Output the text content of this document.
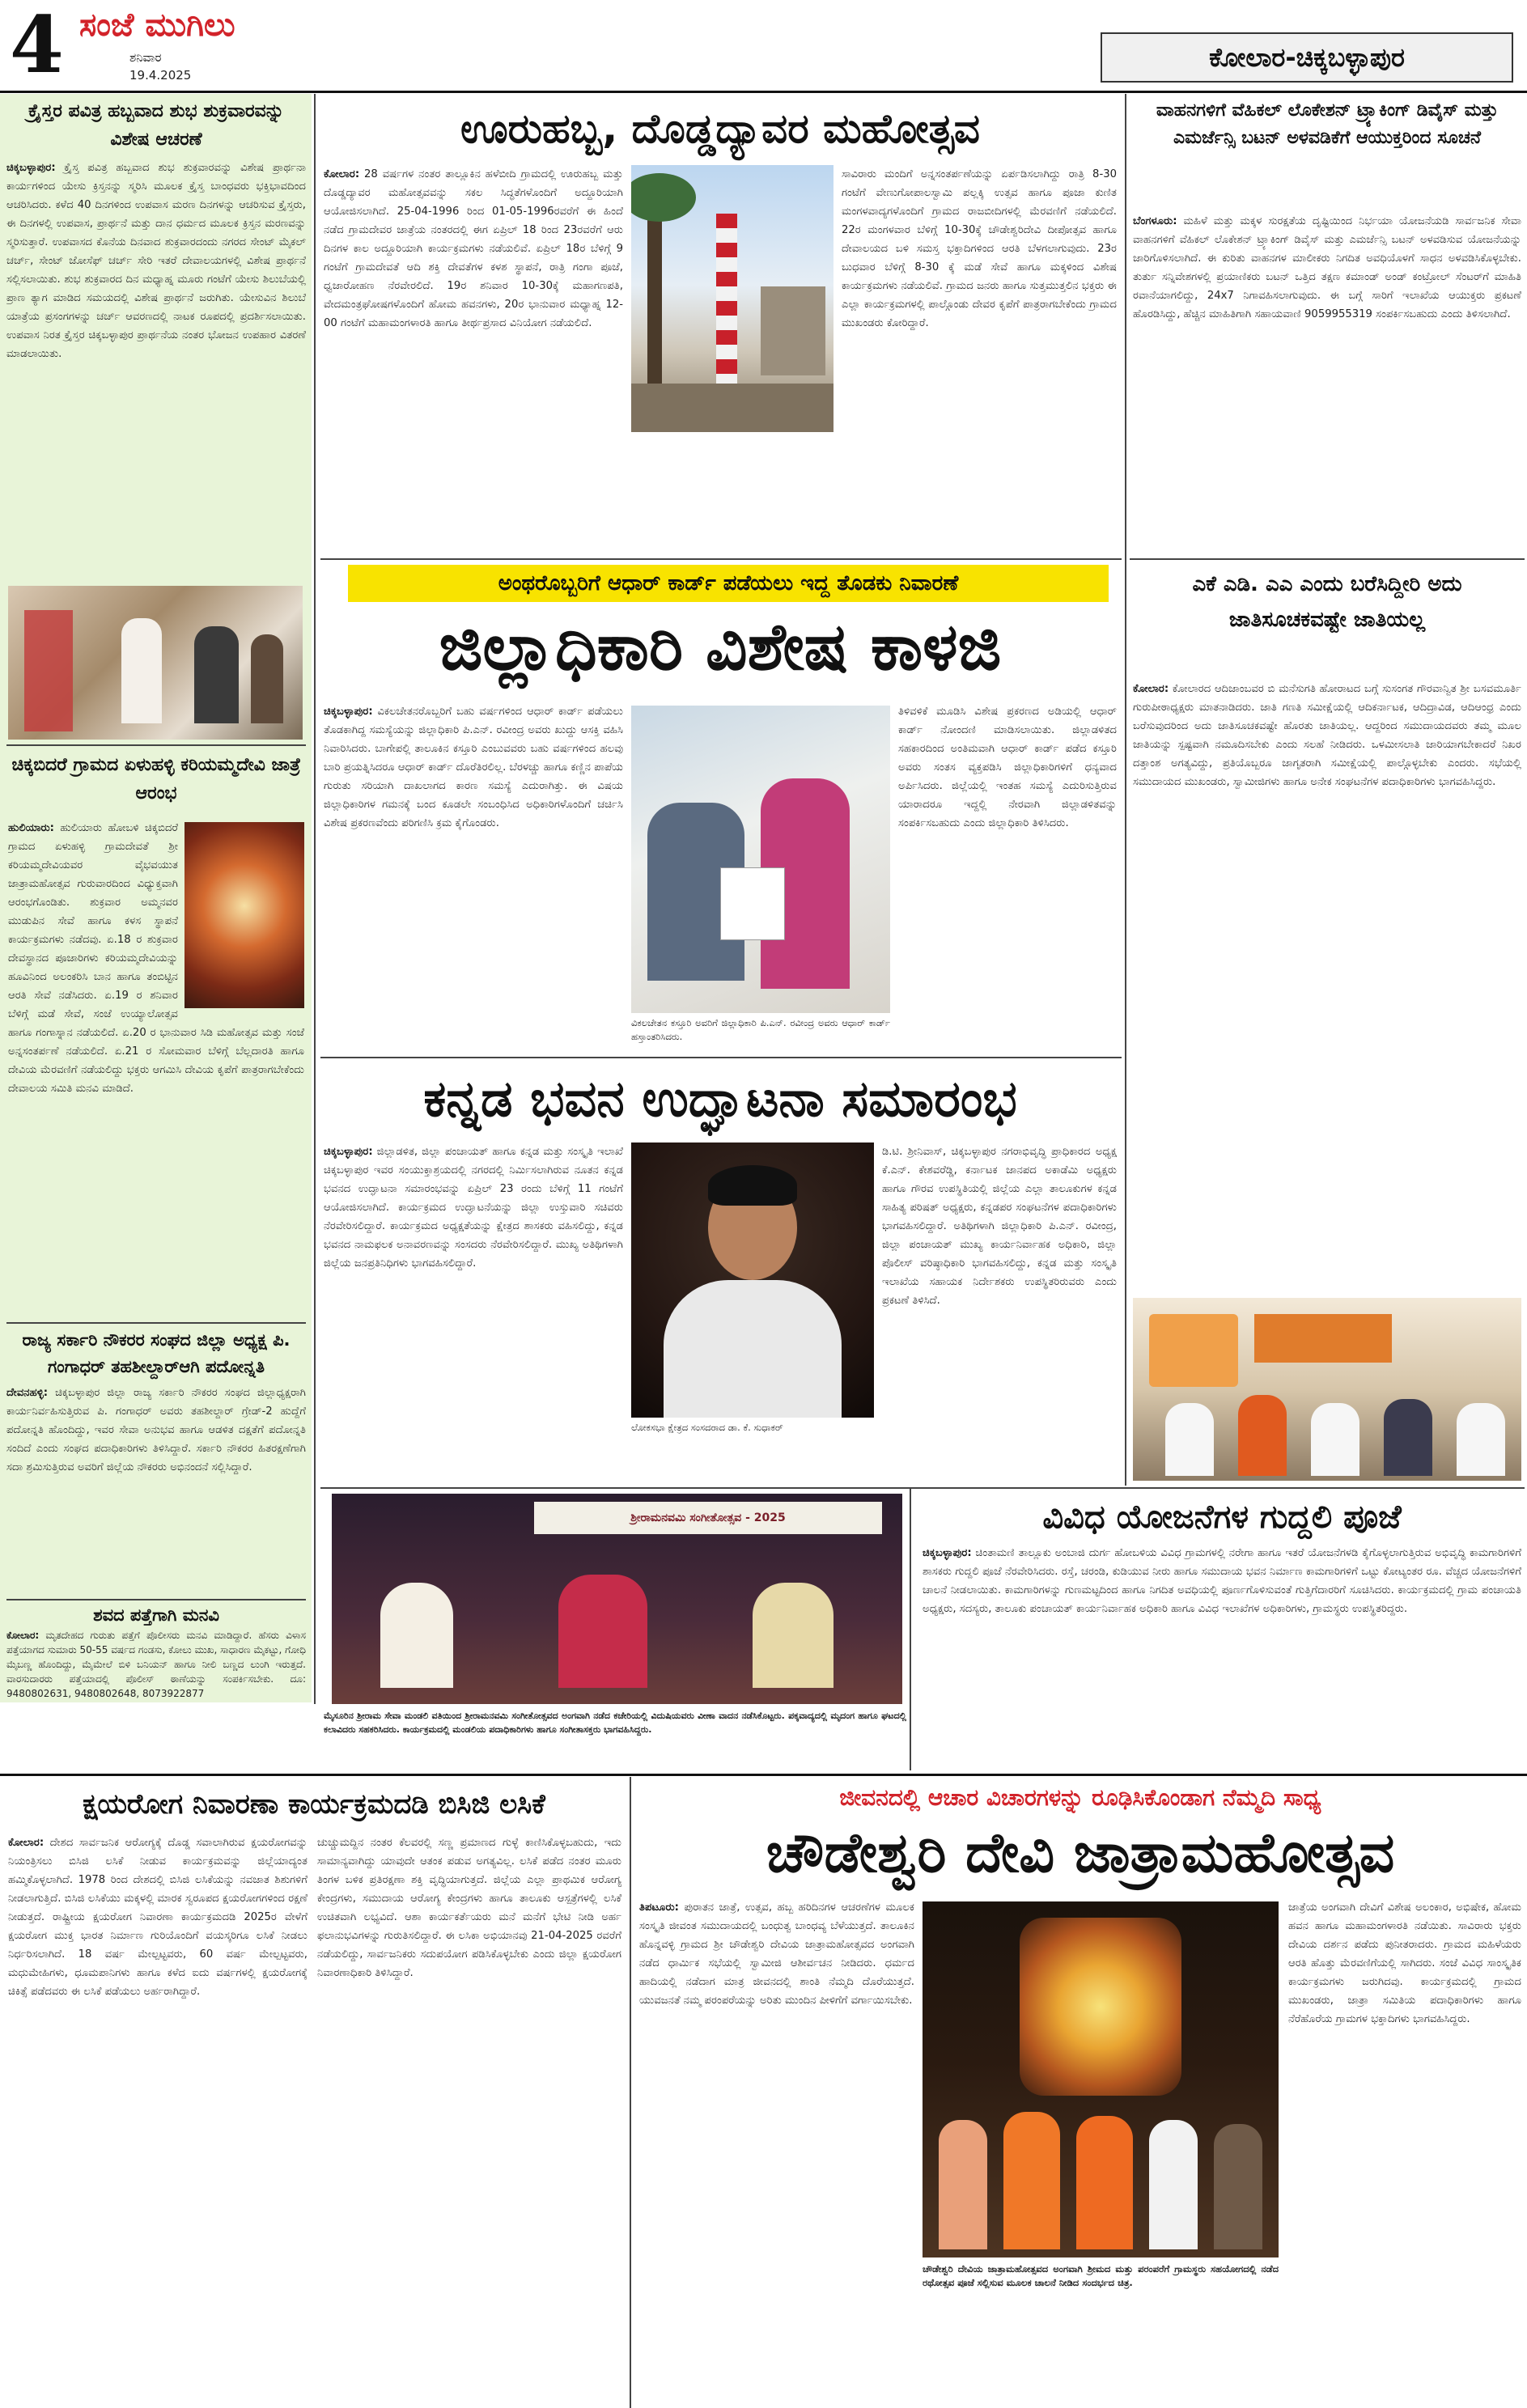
4 ಸಂಜೆ ಮುಗಿಲು
ಶನಿವಾರ
19.4.2025
ಕೋಲಾರ-ಚಿಕ್ಕಬಳ್ಳಾಪುರ
ಕ್ರೈಸ್ತರ ಪವಿತ್ರ ಹಬ್ಬವಾದ ಶುಭ ಶುಕ್ರವಾರವನ್ನು ವಿಶೇಷ ಆಚರಣೆ
ಚಿಕ್ಕಬಳ್ಳಾಪುರ: ಕ್ರೈಸ್ತ ಪವಿತ್ರ ಹಬ್ಬವಾದ ಶುಭ ಶುಕ್ರವಾರವನ್ನು ವಿಶೇಷ ಪ್ರಾರ್ಥನಾ ಕಾರ್ಯಗಳಿಂದ ಯೇಸು ಕ್ರಿಸ್ತನನ್ನು ಸ್ಮರಿಸಿ ಮೂಲಕ ಕ್ರೈಸ್ತ ಬಾಂಧವರು ಭಕ್ತಿಭಾವದಿಂದ ಆಚರಿಸಿದರು. ಕಳೆದ 40 ದಿನಗಳಿಂದ ಉಪವಾಸ ಮರಣ ದಿನಗಳನ್ನು ಆಚರಿಸುವ ಕ್ರೈಸ್ತರು, ಈ ದಿನಗಳಲ್ಲಿ ಉಪವಾಸ, ಪ್ರಾರ್ಥನೆ ಮತ್ತು ದಾನ ಧರ್ಮದ ಮೂಲಕ ಕ್ರಿಸ್ತನ ಮರಣವನ್ನು ಸ್ಮರಿಸುತ್ತಾರೆ. ಉಪವಾಸದ ಕೊನೆಯ ದಿನವಾದ ಶುಕ್ರವಾರದಂದು ನಗರದ ಸೇಂಟ್ ಮೈಕಲ್ ಚರ್ಚ್, ಸೇಂಟ್ ಜೋಸೆಫ್ ಚರ್ಚ್ ಸೇರಿ ಇತರೆ ದೇವಾಲಯಗಳಲ್ಲಿ ವಿಶೇಷ ಪ್ರಾರ್ಥನೆ ಸಲ್ಲಿಸಲಾಯಿತು. ಶುಭ ಶುಕ್ರವಾರದ ದಿನ ಮಧ್ಯಾಹ್ನ ಮೂರು ಗಂಟೆಗೆ ಯೇಸು ಶಿಲುಬೆಯಲ್ಲಿ ಪ್ರಾಣ ತ್ಯಾಗ ಮಾಡಿದ ಸಮಯದಲ್ಲಿ ವಿಶೇಷ ಪ್ರಾರ್ಥನೆ ಜರುಗಿತು. ಯೇಸುವಿನ ಶಿಲುಬೆ ಯಾತ್ರೆಯ ಪ್ರಸಂಗಗಳನ್ನು ಚರ್ಚ್ ಆವರಣದಲ್ಲಿ ನಾಟಕ ರೂಪದಲ್ಲಿ ಪ್ರದರ್ಶಿಸಲಾಯಿತು. ಉಪವಾಸ ನಿರತ ಕ್ರೈಸ್ತರ ಚಿಕ್ಕಬಳ್ಳಾಪುರ ಪ್ರಾರ್ಥನೆಯ ನಂತರ ಭೋಜನ ಉಪಹಾರ ವಿತರಣೆ ಮಾಡಲಾಯಿತು.
ಚಿಕ್ಕಬಿದರೆ ಗ್ರಾಮದ ಏಳುಹಳ್ಳಿ ಕರಿಯಮ್ಮದೇವಿ ಜಾತ್ರೆ ಆರಂಭ
ಹುಲಿಯಾರು: ಹುಲಿಯಾರು ಹೋಬಳಿ ಚಿಕ್ಕಬಿದರೆ ಗ್ರಾಮದ ಏಳುಹಳ್ಳಿ ಗ್ರಾಮದೇವತೆ ಶ್ರೀ ಕರಿಯಮ್ಮದೇವಿಯವರ ವೈಭವಯುತ ಜಾತ್ರಾಮಹೋತ್ಸವ ಗುರುವಾರದಿಂದ ವಿಧ್ಯುಕ್ತವಾಗಿ ಆರಂಭಗೊಂಡಿತು. ಶುಕ್ರವಾರ ಅಮ್ಮನವರ ಮುಡುಪಿನ ಸೇವೆ ಹಾಗೂ ಕಳಸ ಸ್ಥಾಪನೆ ಕಾರ್ಯಕ್ರಮಗಳು ನಡೆದವು. ಏ.18 ರ ಶುಕ್ರವಾರ ದೇವಸ್ಥಾನದ ಪೂಜಾರಿಗಳು ಕರಿಯಮ್ಮದೇವಿಯನ್ನು ಹೂವಿನಿಂದ ಅಲಂಕರಿಸಿ ಬಾನ ಹಾಗೂ ತಂಬಿಟ್ಟಿನ ಆರತಿ ಸೇವೆ ನಡೆಸಿದರು. ಏ.19 ರ ಶನಿವಾರ ಬೆಳಿಗ್ಗೆ ಮಡೆ ಸೇವೆ, ಸಂಜೆ ಉಯ್ಯಾಲೋತ್ಸವ ಹಾಗೂ ಗಂಗಾಸ್ನಾನ ನಡೆಯಲಿದೆ. ಏ.20 ರ ಭಾನುವಾರ ಸಿಡಿ ಮಹೋತ್ಸವ ಮತ್ತು ಸಂಜೆ ಅನ್ನಸಂತರ್ಪಣೆ ನಡೆಯಲಿದೆ. ಏ.21 ರ ಸೋಮವಾರ ಬೆಳಿಗ್ಗೆ ಬೆಲ್ಲದಾರತಿ ಹಾಗೂ ದೇವಿಯ ಮೆರವಣಿಗೆ ನಡೆಯಲಿದ್ದು ಭಕ್ತರು ಆಗಮಿಸಿ ದೇವಿಯ ಕೃಪೆಗೆ ಪಾತ್ರರಾಗಬೇಕೆಂದು ದೇವಾಲಯ ಸಮಿತಿ ಮನವಿ ಮಾಡಿದೆ.
ರಾಜ್ಯ ಸರ್ಕಾರಿ ನೌಕರರ ಸಂಘದ ಜಿಲ್ಲಾ ಅಧ್ಯಕ್ಷ ಪಿ. ಗಂಗಾಧರ್ ತಹಶೀಲ್ದಾರ್‌ಆಗಿ ಪದೋನ್ನತಿ
ದೇವನಹಳ್ಳಿ: ಚಿಕ್ಕಬಳ್ಳಾಪುರ ಜಿಲ್ಲಾ ರಾಜ್ಯ ಸರ್ಕಾರಿ ನೌಕರರ ಸಂಘದ ಜಿಲ್ಲಾಧ್ಯಕ್ಷರಾಗಿ ಕಾರ್ಯನಿರ್ವಹಿಸುತ್ತಿರುವ ಪಿ. ಗಂಗಾಧರ್ ಅವರು ತಹಶೀಲ್ದಾರ್ ಗ್ರೇಡ್-2 ಹುದ್ದೆಗೆ ಪದೋನ್ನತಿ ಹೊಂದಿದ್ದು, ಇವರ ಸೇವಾ ಅನುಭವ ಹಾಗೂ ಆಡಳಿತ ದಕ್ಷತೆಗೆ ಪದೋನ್ನತಿ ಸಂದಿದೆ ಎಂದು ಸಂಘದ ಪದಾಧಿಕಾರಿಗಳು ತಿಳಿಸಿದ್ದಾರೆ. ಸರ್ಕಾರಿ ನೌಕರರ ಹಿತರಕ್ಷಣೆಗಾಗಿ ಸದಾ ಶ್ರಮಿಸುತ್ತಿರುವ ಅವರಿಗೆ ಜಿಲ್ಲೆಯ ನೌಕರರು ಅಭಿನಂದನೆ ಸಲ್ಲಿಸಿದ್ದಾರೆ.
ಶವದ ಪತ್ತೆಗಾಗಿ ಮನವಿ
ಕೋಲಾರ: ಮೃತದೇಹದ ಗುರುತು ಪತ್ತೆಗೆ ಪೊಲೀಸರು ಮನವಿ ಮಾಡಿದ್ದಾರೆ. ಹೆಸರು ವಿಳಾಸ ಪತ್ತೆಯಾಗದ ಸುಮಾರು 50-55 ವರ್ಷದ ಗಂಡಸು, ಕೋಲು ಮುಖ, ಸಾಧಾರಣ ಮೈಕಟ್ಟು, ಗೋಧಿ ಮೈಬಣ್ಣ ಹೊಂದಿದ್ದು, ಮೈಮೇಲೆ ಬಿಳಿ ಬನಿಯನ್ ಹಾಗೂ ನೀಲಿ ಬಣ್ಣದ ಲುಂಗಿ ಇರುತ್ತದೆ. ವಾರಸುದಾರರು ಪತ್ತೆಯಾದಲ್ಲಿ ಪೊಲೀಸ್ ಠಾಣೆಯನ್ನು ಸಂಪರ್ಕಿಸಬೇಕು. ದೂ: 9480802631, 9480802648, 8073922877
ಊರುಹಬ್ಬ, ದೊಡ್ಡದ್ಯಾವರ ಮಹೋತ್ಸವ
ಕೋಲಾರ: 28 ವರ್ಷಗಳ ನಂತರ ತಾಲ್ಲೂಕಿನ ಹಳೆಬೀದಿ ಗ್ರಾಮದಲ್ಲಿ ಊರುಹಬ್ಬ ಮತ್ತು ದೊಡ್ಡದ್ಯಾವರ ಮಹೋತ್ಸವವನ್ನು ಸಕಲ ಸಿದ್ಧತೆಗಳೊಂದಿಗೆ ಅದ್ದೂರಿಯಾಗಿ ಆಯೋಜಿಸಲಾಗಿದೆ. 25-04-1996 ರಿಂದ 01-05-1996ರವರೆಗೆ ಈ ಹಿಂದೆ ನಡೆದ ಗ್ರಾಮದೇವರ ಜಾತ್ರೆಯ ನಂತರದಲ್ಲಿ ಈಗ ಏಪ್ರಿಲ್ 18 ರಿಂದ 23ರವರೆಗೆ ಆರು ದಿನಗಳ ಕಾಲ ಅದ್ದೂರಿಯಾಗಿ ಕಾರ್ಯಕ್ರಮಗಳು ನಡೆಯಲಿವೆ. ಏಪ್ರಿಲ್ 18ರ ಬೆಳಿಗ್ಗೆ 9 ಗಂಟೆಗೆ ಗ್ರಾಮದೇವತೆ ಆದಿ ಶಕ್ತಿ ದೇವತೆಗಳ ಕಳಶ ಸ್ಥಾಪನೆ, ರಾತ್ರಿ ಗಂಗಾ ಪೂಜೆ, ಧ್ವಜಾರೋಹಣ ನೆರವೇರಲಿದೆ. 19ರ ಶನಿವಾರ 10-30ಕ್ಕೆ ಮಹಾಗಣಪತಿ, ವೇದಮಂತ್ರಘೋಷಗಳೊಂದಿಗೆ ಹೋಮ ಹವನಗಳು, 20ರ ಭಾನುವಾರ ಮಧ್ಯಾಹ್ನ 12-00 ಗಂಟೆಗೆ ಮಹಾಮಂಗಳಾರತಿ ಹಾಗೂ ತೀರ್ಥಪ್ರಸಾದ ವಿನಿಯೋಗ ನಡೆಯಲಿದೆ.
ಸಾವಿರಾರು ಮಂದಿಗೆ ಅನ್ನಸಂತರ್ಪಣೆಯನ್ನು ಏರ್ಪಡಿಸಲಾಗಿದ್ದು ರಾತ್ರಿ 8-30 ಗಂಟೆಗೆ ವೇಣುಗೋಪಾಲಸ್ವಾಮಿ ಪಲ್ಲಕ್ಕಿ ಉತ್ಸವ ಹಾಗೂ ಪೂಜಾ ಕುಣಿತ ಮಂಗಳವಾದ್ಯಗಳೊಂದಿಗೆ ಗ್ರಾಮದ ರಾಜಬೀದಿಗಳಲ್ಲಿ ಮೆರವಣಿಗೆ ನಡೆಯಲಿದೆ. 22ರ ಮಂಗಳವಾರ ಬೆಳಿಗ್ಗೆ 10-30ಕ್ಕೆ ಚೌಡೇಶ್ವರಿದೇವಿ ದೀಪೋತ್ಸವ ಹಾಗೂ ದೇವಾಲಯದ ಬಳಿ ಸಮಸ್ತ ಭಕ್ತಾದಿಗಳಿಂದ ಆರತಿ ಬೆಳಗಲಾಗುವುದು. 23ರ ಬುಧವಾರ ಬೆಳಿಗ್ಗೆ 8-30 ಕ್ಕೆ ಮಡೆ ಸೇವೆ ಹಾಗೂ ಮಕ್ಕಳಿಂದ ವಿಶೇಷ ಕಾರ್ಯಕ್ರಮಗಳು ನಡೆಯಲಿವೆ. ಗ್ರಾಮದ ಜನರು ಹಾಗೂ ಸುತ್ತಮುತ್ತಲಿನ ಭಕ್ತರು ಈ ಎಲ್ಲಾ ಕಾರ್ಯಕ್ರಮಗಳಲ್ಲಿ ಪಾಲ್ಗೊಂಡು ದೇವರ ಕೃಪೆಗೆ ಪಾತ್ರರಾಗಬೇಕೆಂದು ಗ್ರಾಮದ ಮುಖಂಡರು ಕೋರಿದ್ದಾರೆ.
ಅಂಥರೊಬ್ಬರಿಗೆ ಆಧಾರ್ ಕಾರ್ಡ್ ಪಡೆಯಲು ಇದ್ದ ತೊಡಕು ನಿವಾರಣೆ
ಜಿಲ್ಲಾಧಿಕಾರಿ ವಿಶೇಷ ಕಾಳಜಿ
ಚಿಕ್ಕಬಳ್ಳಾಪುರ: ವಿಕಲಚೇತನರೊಬ್ಬರಿಗೆ ಬಹು ವರ್ಷಗಳಿಂದ ಆಧಾರ್ ಕಾರ್ಡ್ ಪಡೆಯಲು ತೊಡಕಾಗಿದ್ದ ಸಮಸ್ಯೆಯನ್ನು ಜಿಲ್ಲಾಧಿಕಾರಿ ಪಿ.ಎನ್. ರವೀಂದ್ರ ಅವರು ಖುದ್ದು ಆಸಕ್ತಿ ವಹಿಸಿ ನಿವಾರಿಸಿದರು. ಬಾಗೇಪಲ್ಲಿ ತಾಲೂಕಿನ ಕಸ್ತೂರಿ ಎಂಬುವವರು ಬಹು ವರ್ಷಗಳಿಂದ ಹಲವು ಬಾರಿ ಪ್ರಯತ್ನಿಸಿದರೂ ಆಧಾರ್ ಕಾರ್ಡ್ ದೊರೆತಿರಲಿಲ್ಲ. ಬೆರಳಚ್ಚು ಹಾಗೂ ಕಣ್ಣಿನ ಪಾಪೆಯ ಗುರುತು ಸರಿಯಾಗಿ ದಾಖಲಾಗದ ಕಾರಣ ಸಮಸ್ಯೆ ಎದುರಾಗಿತ್ತು. ಈ ವಿಷಯ ಜಿಲ್ಲಾಧಿಕಾರಿಗಳ ಗಮನಕ್ಕೆ ಬಂದ ಕೂಡಲೇ ಸಂಬಂಧಿಸಿದ ಅಧಿಕಾರಿಗಳೊಂದಿಗೆ ಚರ್ಚಿಸಿ ವಿಶೇಷ ಪ್ರಕರಣವೆಂದು ಪರಿಗಣಿಸಿ ಕ್ರಮ ಕೈಗೊಂಡರು.
ವಿಕಲಚೇತನ ಕಸ್ತೂರಿ ಅವರಿಗೆ ಜಿಲ್ಲಾಧಿಕಾರಿ ಪಿ.ಎನ್. ರವೀಂದ್ರ ಅವರು ಆಧಾರ್ ಕಾರ್ಡ್ ಹಸ್ತಾಂತರಿಸಿದರು.
ತಿಳಿವಳಿಕೆ ಮೂಡಿಸಿ ವಿಶೇಷ ಪ್ರಕರಣದ ಅಡಿಯಲ್ಲಿ ಆಧಾರ್ ಕಾರ್ಡ್ ನೋಂದಣಿ ಮಾಡಿಸಲಾಯಿತು. ಜಿಲ್ಲಾಡಳಿತದ ಸಹಕಾರದಿಂದ ಅಂತಿಮವಾಗಿ ಆಧಾರ್ ಕಾರ್ಡ್ ಪಡೆದ ಕಸ್ತೂರಿ ಅವರು ಸಂತಸ ವ್ಯಕ್ತಪಡಿಸಿ ಜಿಲ್ಲಾಧಿಕಾರಿಗಳಿಗೆ ಧನ್ಯವಾದ ಅರ್ಪಿಸಿದರು. ಜಿಲ್ಲೆಯಲ್ಲಿ ಇಂತಹ ಸಮಸ್ಯೆ ಎದುರಿಸುತ್ತಿರುವ ಯಾರಾದರೂ ಇದ್ದಲ್ಲಿ ನೇರವಾಗಿ ಜಿಲ್ಲಾಡಳಿತವನ್ನು ಸಂಪರ್ಕಿಸಬಹುದು ಎಂದು ಜಿಲ್ಲಾಧಿಕಾರಿ ತಿಳಿಸಿದರು.
ಕನ್ನಡ ಭವನ ಉದ್ಘಾಟನಾ ಸಮಾರಂಭ
ಚಿಕ್ಕಬಳ್ಳಾಪುರ: ಜಿಲ್ಲಾಡಳಿತ, ಜಿಲ್ಲಾ ಪಂಚಾಯತ್ ಹಾಗೂ ಕನ್ನಡ ಮತ್ತು ಸಂಸ್ಕೃತಿ ಇಲಾಖೆ ಚಿಕ್ಕಬಳ್ಳಾಪುರ ಇವರ ಸಂಯುಕ್ತಾಶ್ರಯದಲ್ಲಿ ನಗರದಲ್ಲಿ ನಿರ್ಮಿಸಲಾಗಿರುವ ನೂತನ ಕನ್ನಡ ಭವನದ ಉದ್ಘಾಟನಾ ಸಮಾರಂಭವನ್ನು ಏಪ್ರಿಲ್ 23 ರಂದು ಬೆಳಿಗ್ಗೆ 11 ಗಂಟೆಗೆ ಆಯೋಜಿಸಲಾಗಿದೆ. ಕಾರ್ಯಕ್ರಮದ ಉದ್ಘಾಟನೆಯನ್ನು ಜಿಲ್ಲಾ ಉಸ್ತುವಾರಿ ಸಚಿವರು ನೆರವೇರಿಸಲಿದ್ದಾರೆ. ಕಾರ್ಯಕ್ರಮದ ಅಧ್ಯಕ್ಷತೆಯನ್ನು ಕ್ಷೇತ್ರದ ಶಾಸಕರು ವಹಿಸಲಿದ್ದು, ಕನ್ನಡ ಭವನದ ನಾಮಫಲಕ ಅನಾವರಣವನ್ನು ಸಂಸದರು ನೆರವೇರಿಸಲಿದ್ದಾರೆ. ಮುಖ್ಯ ಅತಿಥಿಗಳಾಗಿ ಜಿಲ್ಲೆಯ ಜನಪ್ರತಿನಿಧಿಗಳು ಭಾಗವಹಿಸಲಿದ್ದಾರೆ.
ಲೋಕಸಭಾ ಕ್ಷೇತ್ರದ ಸಂಸದರಾದ ಡಾ. ಕೆ. ಸುಧಾಕರ್
ಡಿ.ಟಿ. ಶ್ರೀನಿವಾಸ್, ಚಿಕ್ಕಬಳ್ಳಾಪುರ ನಗರಾಭಿವೃದ್ಧಿ ಪ್ರಾಧಿಕಾರದ ಅಧ್ಯಕ್ಷ ಕೆ.ಎನ್. ಕೇಶವರೆಡ್ಡಿ, ಕರ್ನಾಟಕ ಜಾನಪದ ಅಕಾಡೆಮಿ ಅಧ್ಯಕ್ಷರು ಹಾಗೂ ಗೌರವ ಉಪಸ್ಥಿತಿಯಲ್ಲಿ ಜಿಲ್ಲೆಯ ಎಲ್ಲಾ ತಾಲೂಕುಗಳ ಕನ್ನಡ ಸಾಹಿತ್ಯ ಪರಿಷತ್ ಅಧ್ಯಕ್ಷರು, ಕನ್ನಡಪರ ಸಂಘಟನೆಗಳ ಪದಾಧಿಕಾರಿಗಳು ಭಾಗವಹಿಸಲಿದ್ದಾರೆ. ಅತಿಥಿಗಳಾಗಿ ಜಿಲ್ಲಾಧಿಕಾರಿ ಪಿ.ಎನ್. ರವೀಂದ್ರ, ಜಿಲ್ಲಾ ಪಂಚಾಯತ್ ಮುಖ್ಯ ಕಾರ್ಯನಿರ್ವಾಹಕ ಅಧಿಕಾರಿ, ಜಿಲ್ಲಾ ಪೊಲೀಸ್ ವರಿಷ್ಠಾಧಿಕಾರಿ ಭಾಗವಹಿಸಲಿದ್ದು, ಕನ್ನಡ ಮತ್ತು ಸಂಸ್ಕೃತಿ ಇಲಾಖೆಯ ಸಹಾಯಕ ನಿರ್ದೇಶಕರು ಉಪಸ್ಥಿತರಿರುವರು ಎಂದು ಪ್ರಕಟಣೆ ತಿಳಿಸಿದೆ.
ಶ್ರೀರಾಮನವಮಿ ಸಂಗೀತೋತ್ಸವ - 2025
ಮೈಸೂರಿನ ಶ್ರೀರಾಮ ಸೇವಾ ಮಂಡಲಿ ವತಿಯಿಂದ ಶ್ರೀರಾಮನವಮಿ ಸಂಗೀತೋತ್ಸವದ ಅಂಗವಾಗಿ ನಡೆದ ಕಚೇರಿಯಲ್ಲಿ ವಿದುಷಿಯವರು ವೀಣಾ ವಾದನ ನಡೆಸಿಕೊಟ್ಟರು. ಪಕ್ಕವಾದ್ಯದಲ್ಲಿ ಮೃದಂಗ ಹಾಗೂ ಘಟದಲ್ಲಿ ಕಲಾವಿದರು ಸಹಕರಿಸಿದರು. ಕಾರ್ಯಕ್ರಮದಲ್ಲಿ ಮಂಡಲಿಯ ಪದಾಧಿಕಾರಿಗಳು ಹಾಗೂ ಸಂಗೀತಾಸಕ್ತರು ಭಾಗವಹಿಸಿದ್ದರು.
ವಾಹನಗಳಿಗೆ ವೆಹಿಕಲ್ ಲೊಕೇಶನ್ ಟ್ರ್ಯಾಕಿಂಗ್ ಡಿವೈಸ್ ಮತ್ತು ಎಮರ್ಜೆನ್ಸಿ ಬಟನ್ ಅಳವಡಿಕೆಗೆ ಆಯುಕ್ತರಿಂದ ಸೂಚನೆ
ಬೆಂಗಳೂರು: ಮಹಿಳೆ ಮತ್ತು ಮಕ್ಕಳ ಸುರಕ್ಷತೆಯ ದೃಷ್ಟಿಯಿಂದ ನಿರ್ಭಯಾ ಯೋಜನೆಯಡಿ ಸಾರ್ವಜನಿಕ ಸೇವಾ ವಾಹನಗಳಿಗೆ ವೆಹಿಕಲ್ ಲೊಕೇಶನ್ ಟ್ರ್ಯಾಕಿಂಗ್ ಡಿವೈಸ್ ಮತ್ತು ಎಮರ್ಜೆನ್ಸಿ ಬಟನ್ ಅಳವಡಿಸುವ ಯೋಜನೆಯನ್ನು ಜಾರಿಗೊಳಿಸಲಾಗಿದೆ. ಈ ಕುರಿತು ವಾಹನಗಳ ಮಾಲೀಕರು ನಿಗದಿತ ಅವಧಿಯೊಳಗೆ ಸಾಧನ ಅಳವಡಿಸಿಕೊಳ್ಳಬೇಕು. ತುರ್ತು ಸನ್ನಿವೇಶಗಳಲ್ಲಿ ಪ್ರಯಾಣಿಕರು ಬಟನ್ ಒತ್ತಿದ ತಕ್ಷಣ ಕಮಾಂಡ್ ಅಂಡ್ ಕಂಟ್ರೋಲ್ ಸೆಂಟರ್‌ಗೆ ಮಾಹಿತಿ ರವಾನೆಯಾಗಲಿದ್ದು, 24x7 ನಿಗಾವಹಿಸಲಾಗುವುದು. ಈ ಬಗ್ಗೆ ಸಾರಿಗೆ ಇಲಾಖೆಯ ಆಯುಕ್ತರು ಪ್ರಕಟಣೆ ಹೊರಡಿಸಿದ್ದು, ಹೆಚ್ಚಿನ ಮಾಹಿತಿಗಾಗಿ ಸಹಾಯವಾಣಿ 9059955319 ಸಂಪರ್ಕಿಸಬಹುದು ಎಂದು ತಿಳಿಸಲಾಗಿದೆ.
ಎಕೆ ಎಡಿ. ಎಎ ಎಂದು ಬರೆಸಿದ್ದೀರಿ ಅದು ಜಾತಿಸೂಚಕವಷ್ಟೇ ಜಾತಿಯಲ್ಲ
ಕೋಲಾರ: ಕೋಲಾರದ ಆದಿಜಾಂಬವರ ಬಿ ಮನೆಸುಗತಿ ಹೋರಾಟದ ಬಗ್ಗೆ ಸುಸಂಗತ ಗೌರವಾನ್ವಿತ ಶ್ರೀ ಬಸವಮೂರ್ತಿ ಗುರುಪೀಠಾಧ್ಯಕ್ಷರು ಮಾತನಾಡಿದರು. ಜಾತಿ ಗಣತಿ ಸಮೀಕ್ಷೆಯಲ್ಲಿ ಆದಿಕರ್ನಾಟಕ, ಆದಿದ್ರಾವಿಡ, ಆದಿಆಂಧ್ರ ಎಂದು ಬರೆಸುವುದರಿಂದ ಅದು ಜಾತಿಸೂಚಕವಷ್ಟೇ ಹೊರತು ಜಾತಿಯಲ್ಲ. ಆದ್ದರಿಂದ ಸಮುದಾಯದವರು ತಮ್ಮ ಮೂಲ ಜಾತಿಯನ್ನು ಸ್ಪಷ್ಟವಾಗಿ ನಮೂದಿಸಬೇಕು ಎಂದು ಸಲಹೆ ನೀಡಿದರು. ಒಳಮೀಸಲಾತಿ ಜಾರಿಯಾಗಬೇಕಾದರೆ ನಿಖರ ದತ್ತಾಂಶ ಅಗತ್ಯವಿದ್ದು, ಪ್ರತಿಯೊಬ್ಬರೂ ಜಾಗೃತರಾಗಿ ಸಮೀಕ್ಷೆಯಲ್ಲಿ ಪಾಲ್ಗೊಳ್ಳಬೇಕು ಎಂದರು. ಸಭೆಯಲ್ಲಿ ಸಮುದಾಯದ ಮುಖಂಡರು, ಸ್ವಾಮೀಜಿಗಳು ಹಾಗೂ ಅನೇಕ ಸಂಘಟನೆಗಳ ಪದಾಧಿಕಾರಿಗಳು ಭಾಗವಹಿಸಿದ್ದರು.
ವಿವಿಧ ಯೋಜನೆಗಳ ಗುದ್ದಲಿ ಪೂಜೆ
ಚಿಕ್ಕಬಳ್ಳಾಪುರ: ಚಿಂತಾಮಣಿ ತಾಲ್ಲೂಕು ಅಂಬಾಜಿ ದುರ್ಗ ಹೋಬಳಿಯ ವಿವಿಧ ಗ್ರಾಮಗಳಲ್ಲಿ ನರೇಗಾ ಹಾಗೂ ಇತರೆ ಯೋಜನೆಗಳಡಿ ಕೈಗೊಳ್ಳಲಾಗುತ್ತಿರುವ ಅಭಿವೃದ್ಧಿ ಕಾಮಗಾರಿಗಳಿಗೆ ಶಾಸಕರು ಗುದ್ದಲಿ ಪೂಜೆ ನೆರವೇರಿಸಿದರು. ರಸ್ತೆ, ಚರಂಡಿ, ಕುಡಿಯುವ ನೀರು ಹಾಗೂ ಸಮುದಾಯ ಭವನ ನಿರ್ಮಾಣ ಕಾಮಗಾರಿಗಳಿಗೆ ಒಟ್ಟು ಕೋಟ್ಯಂತರ ರೂ. ವೆಚ್ಚದ ಯೋಜನೆಗಳಿಗೆ ಚಾಲನೆ ನೀಡಲಾಯಿತು. ಕಾಮಗಾರಿಗಳನ್ನು ಗುಣಮಟ್ಟದಿಂದ ಹಾಗೂ ನಿಗದಿತ ಅವಧಿಯಲ್ಲಿ ಪೂರ್ಣಗೊಳಿಸುವಂತೆ ಗುತ್ತಿಗೆದಾರರಿಗೆ ಸೂಚಿಸಿದರು. ಕಾರ್ಯಕ್ರಮದಲ್ಲಿ ಗ್ರಾಮ ಪಂಚಾಯತಿ ಅಧ್ಯಕ್ಷರು, ಸದಸ್ಯರು, ತಾಲೂಕು ಪಂಚಾಯತ್ ಕಾರ್ಯನಿರ್ವಾಹಕ ಅಧಿಕಾರಿ ಹಾಗೂ ವಿವಿಧ ಇಲಾಖೆಗಳ ಅಧಿಕಾರಿಗಳು, ಗ್ರಾಮಸ್ಥರು ಉಪಸ್ಥಿತರಿದ್ದರು.
ಕ್ಷಯರೋಗ ನಿವಾರಣಾ ಕಾರ್ಯಕ್ರಮದಡಿ ಬಿಸಿಜಿ ಲಸಿಕೆ
ಕೋಲಾರ: ದೇಶದ ಸಾರ್ವಜನಿಕ ಆರೋಗ್ಯಕ್ಕೆ ದೊಡ್ಡ ಸವಾಲಾಗಿರುವ ಕ್ಷಯರೋಗವನ್ನು ನಿಯಂತ್ರಿಸಲು ಬಿಸಿಜಿ ಲಸಿಕೆ ನೀಡುವ ಕಾರ್ಯಕ್ರಮವನ್ನು ಜಿಲ್ಲೆಯಾದ್ಯಂತ ಹಮ್ಮಿಕೊಳ್ಳಲಾಗಿದೆ. 1978 ರಿಂದ ದೇಶದಲ್ಲಿ ಬಿಸಿಜಿ ಲಸಿಕೆಯನ್ನು ನವಜಾತ ಶಿಶುಗಳಿಗೆ ನೀಡಲಾಗುತ್ತಿದೆ. ಬಿಸಿಜಿ ಲಸಿಕೆಯು ಮಕ್ಕಳಲ್ಲಿ ಮಾರಕ ಸ್ವರೂಪದ ಕ್ಷಯರೋಗಗಳಿಂದ ರಕ್ಷಣೆ ನೀಡುತ್ತದೆ. ರಾಷ್ಟ್ರೀಯ ಕ್ಷಯರೋಗ ನಿವಾರಣಾ ಕಾರ್ಯಕ್ರಮದಡಿ 2025ರ ವೇಳೆಗೆ ಕ್ಷಯರೋಗ ಮುಕ್ತ ಭಾರತ ನಿರ್ಮಾಣ ಗುರಿಯೊಂದಿಗೆ ವಯಸ್ಕರಿಗೂ ಲಸಿಕೆ ನೀಡಲು ನಿರ್ಧರಿಸಲಾಗಿದೆ. 18 ವರ್ಷ ಮೇಲ್ಪಟ್ಟವರು, 60 ವರ್ಷ ಮೇಲ್ಪಟ್ಟವರು, ಮಧುಮೇಹಿಗಳು, ಧೂಮಪಾನಿಗಳು ಹಾಗೂ ಕಳೆದ ಐದು ವರ್ಷಗಳಲ್ಲಿ ಕ್ಷಯರೋಗಕ್ಕೆ ಚಿಕಿತ್ಸೆ ಪಡೆದವರು ಈ ಲಸಿಕೆ ಪಡೆಯಲು ಅರ್ಹರಾಗಿದ್ದಾರೆ.
ಚುಚ್ಚುಮದ್ದಿನ ನಂತರ ಕೆಲವರಲ್ಲಿ ಸಣ್ಣ ಪ್ರಮಾಣದ ಗುಳ್ಳೆ ಕಾಣಿಸಿಕೊಳ್ಳಬಹುದು, ಇದು ಸಾಮಾನ್ಯವಾಗಿದ್ದು ಯಾವುದೇ ಆತಂಕ ಪಡುವ ಅಗತ್ಯವಿಲ್ಲ. ಲಸಿಕೆ ಪಡೆದ ನಂತರ ಮೂರು ತಿಂಗಳ ಬಳಿಕ ಪ್ರತಿರಕ್ಷಣಾ ಶಕ್ತಿ ವೃದ್ಧಿಯಾಗುತ್ತದೆ. ಜಿಲ್ಲೆಯ ಎಲ್ಲಾ ಪ್ರಾಥಮಿಕ ಆರೋಗ್ಯ ಕೇಂದ್ರಗಳು, ಸಮುದಾಯ ಆರೋಗ್ಯ ಕೇಂದ್ರಗಳು ಹಾಗೂ ತಾಲೂಕು ಆಸ್ಪತ್ರೆಗಳಲ್ಲಿ ಲಸಿಕೆ ಉಚಿತವಾಗಿ ಲಭ್ಯವಿದೆ. ಆಶಾ ಕಾರ್ಯಕರ್ತೆಯರು ಮನೆ ಮನೆಗೆ ಭೇಟಿ ನೀಡಿ ಅರ್ಹ ಫಲಾನುಭವಿಗಳನ್ನು ಗುರುತಿಸಲಿದ್ದಾರೆ. ಈ ಲಸಿಕಾ ಅಭಿಯಾನವು 21-04-2025 ರವರೆಗೆ ನಡೆಯಲಿದ್ದು, ಸಾರ್ವಜನಿಕರು ಸದುಪಯೋಗ ಪಡಿಸಿಕೊಳ್ಳಬೇಕು ಎಂದು ಜಿಲ್ಲಾ ಕ್ಷಯರೋಗ ನಿವಾರಣಾಧಿಕಾರಿ ತಿಳಿಸಿದ್ದಾರೆ.
ಜೀವನದಲ್ಲಿ ಆಚಾರ ವಿಚಾರಗಳನ್ನು ರೂಢಿಸಿಕೊಂಡಾಗ ನೆಮ್ಮದಿ ಸಾಧ್ಯ
ಚೌಡೇಶ್ವರಿ ದೇವಿ ಜಾತ್ರಾಮಹೋತ್ಸವ
ತಿಪಟೂರು: ಪುರಾತನ ಜಾತ್ರೆ, ಉತ್ಸವ, ಹಬ್ಬ ಹರಿದಿನಗಳ ಆಚರಣೆಗಳ ಮೂಲಕ ಸಂಸ್ಕೃತಿ ಜೀವಂತ ಸಮುದಾಯದಲ್ಲಿ ಬಂಧುತ್ವ ಬಾಂಧವ್ಯ ಬೆಳೆಯುತ್ತದೆ. ತಾಲೂಕಿನ ಹೊನ್ನವಳ್ಳಿ ಗ್ರಾಮದ ಶ್ರೀ ಚೌಡೇಶ್ವರಿ ದೇವಿಯ ಜಾತ್ರಾಮಹೋತ್ಸವದ ಅಂಗವಾಗಿ ನಡೆದ ಧಾರ್ಮಿಕ ಸಭೆಯಲ್ಲಿ ಸ್ವಾಮೀಜಿ ಆಶೀರ್ವಚನ ನೀಡಿದರು. ಧರ್ಮದ ಹಾದಿಯಲ್ಲಿ ನಡೆದಾಗ ಮಾತ್ರ ಜೀವನದಲ್ಲಿ ಶಾಂತಿ ನೆಮ್ಮದಿ ದೊರೆಯುತ್ತದೆ. ಯುವಜನತೆ ನಮ್ಮ ಪರಂಪರೆಯನ್ನು ಅರಿತು ಮುಂದಿನ ಪೀಳಿಗೆಗೆ ವರ್ಗಾಯಿಸಬೇಕು.
ಚೌಡೇಶ್ವರಿ ದೇವಿಯ ಜಾತ್ರಾಮಹೋತ್ಸವದ ಅಂಗವಾಗಿ ಶ್ರೀಮದ ಮತ್ತು ಪರಂಪರೆಗೆ ಗ್ರಾಮಸ್ಥರು ಸಹಯೋಗದಲ್ಲಿ ನಡೆದ ರಥೋತ್ಸವ ಪೂಜೆ ಸಲ್ಲಿಸುವ ಮೂಲಕ ಚಾಲನೆ ನೀಡಿದ ಸಂದರ್ಭದ ಚಿತ್ರ.
ಜಾತ್ರೆಯ ಅಂಗವಾಗಿ ದೇವಿಗೆ ವಿಶೇಷ ಅಲಂಕಾರ, ಅಭಿಷೇಕ, ಹೋಮ ಹವನ ಹಾಗೂ ಮಹಾಮಂಗಳಾರತಿ ನಡೆಯಿತು. ಸಾವಿರಾರು ಭಕ್ತರು ದೇವಿಯ ದರ್ಶನ ಪಡೆದು ಪುನೀತರಾದರು. ಗ್ರಾಮದ ಮಹಿಳೆಯರು ಆರತಿ ಹೊತ್ತು ಮೆರವಣಿಗೆಯಲ್ಲಿ ಸಾಗಿದರು. ಸಂಜೆ ವಿವಿಧ ಸಾಂಸ್ಕೃತಿಕ ಕಾರ್ಯಕ್ರಮಗಳು ಜರುಗಿದವು. ಕಾರ್ಯಕ್ರಮದಲ್ಲಿ ಗ್ರಾಮದ ಮುಖಂಡರು, ಜಾತ್ರಾ ಸಮಿತಿಯ ಪದಾಧಿಕಾರಿಗಳು ಹಾಗೂ ನೆರೆಹೊರೆಯ ಗ್ರಾಮಗಳ ಭಕ್ತಾದಿಗಳು ಭಾಗವಹಿಸಿದ್ದರು.
